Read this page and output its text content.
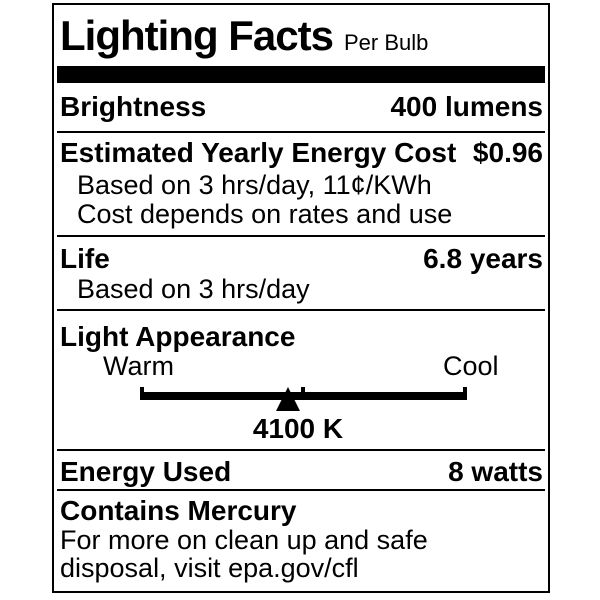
Lighting Facts Per Bulb
Brightness	400 lumens
Estimated Yearly Energy Cost $0.96
Based on 3 hrs/day, 11¢/KWh
Cost depends on rates and use
Life	6.8 years
Based on 3 hrs/day
Light Appearance
Warm	Cool
4100 K
Energy Used	8 watts
Contains Mercury
For more on clean up and safe
disposal, visit epa.gov/cfl
